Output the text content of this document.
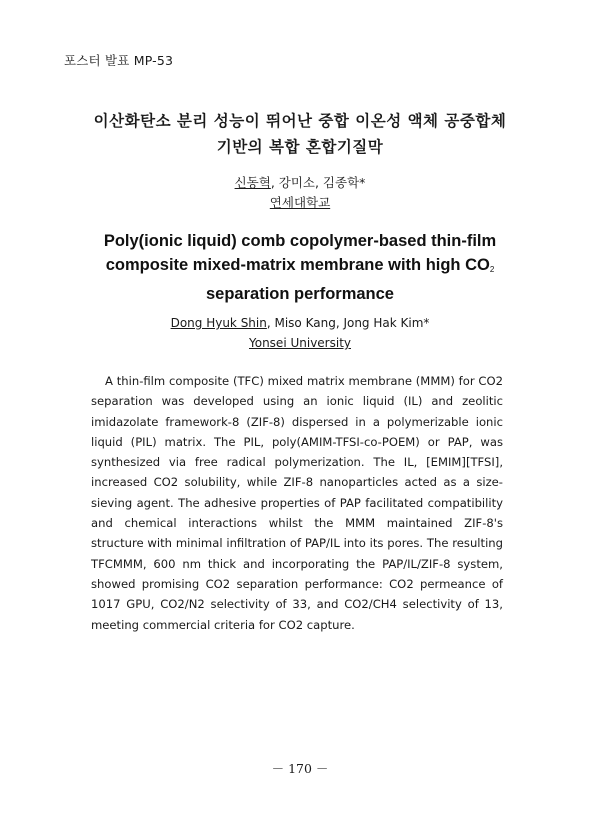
포스터 발표 MP-53
이산화탄소 분리 성능이 뛰어난 중합 이온성 액체 공중합체
기반의 복합 혼합기질막
신동혁, 강미소, 김종학*
연세대학교
Poly(ionic liquid) comb copolymer-based thin-film
composite mixed-matrix membrane with high $CO_2$
separation performance
Dong Hyuk Shin, Miso Kang, Jong Hak Kim*
Yonsei University

A thin-film composite (TFC) mixed matrix membrane (MMM) for CO2 separation was developed using an ionic liquid (IL) and zeolitic imidazolate framework-8 (ZIF-8) dispersed in a polymerizable ionic liquid (PIL) matrix. The PIL, poly(AMIM-TFSI-co-POEM) or PAP, was synthesized via free radical polymerization. The IL, [EMIM][TFSI], increased CO2 solubility, while ZIF-8 nanoparticles acted as a size-sieving agent. The adhesive properties of PAP facilitated compatibility and chemical interactions whilst the MMM maintained ZIF-8's structure with minimal infiltration of PAP/IL into its pores. The resulting TFCMMM, 600 nm thick and incorporating the PAP/IL/ZIF-8 system, showed promising CO2 separation performance: CO2 permeance of 1017 GPU, CO2/N2 selectivity of 33, and CO2/CH4 selectivity of 13, meeting commercial criteria for CO2 capture.

－ 170 －
